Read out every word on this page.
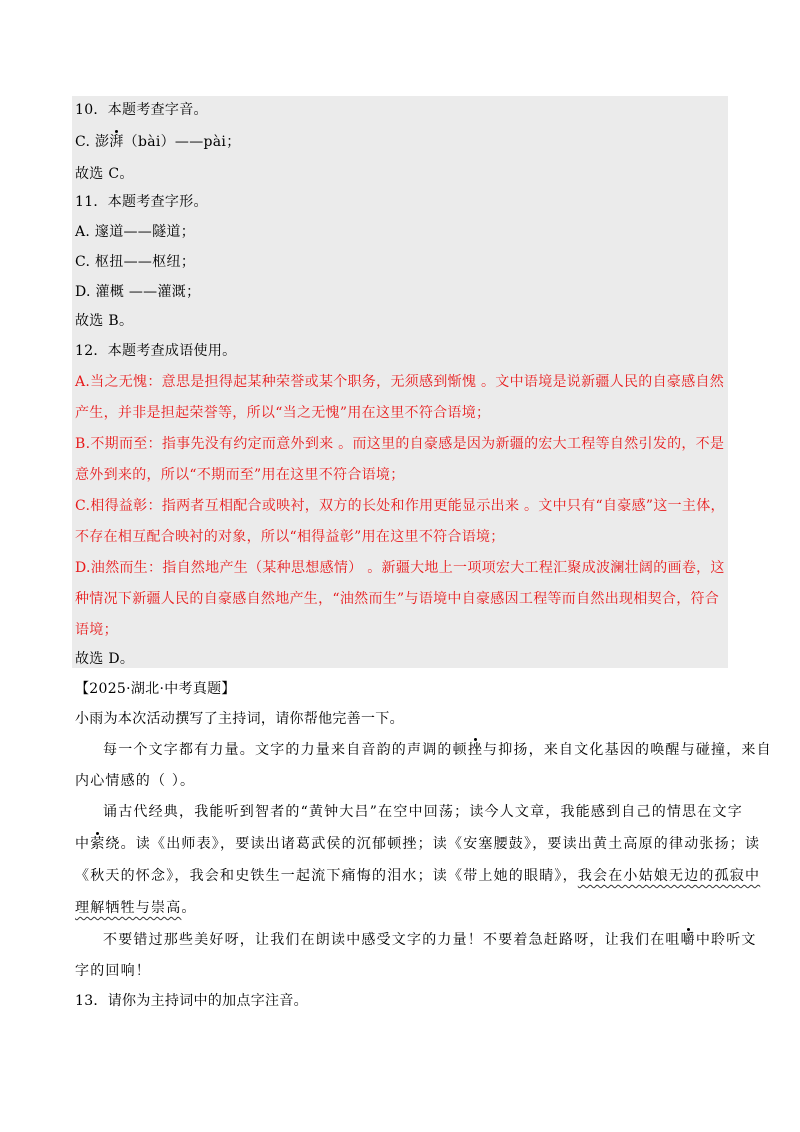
10．本题考查字音。
C. 澎湃（bài）——pài；
故选 C。
11．本题考查字形。
A. 邃道——隧道；
C. 枢扭——枢纽；
D. 灌概 ——灌溉；
故选 B。
12．本题考查成语使用。
A.当之无愧：意思是担得起某种荣誉或某个职务，无须感到惭愧 。文中语境是说新疆人民的自豪感自然
产生，并非是担起荣誉等，所以“当之无愧”用在这里不符合语境；
B.不期而至：指事先没有约定而意外到来 。而这里的自豪感是因为新疆的宏大工程等自然引发的，不是
意外到来的，所以“不期而至”用在这里不符合语境；
C.相得益彰：指两者互相配合或映衬，双方的长处和作用更能显示出来 。文中只有“自豪感”这一主体，
不存在相互配合映衬的对象，所以“相得益彰”用在这里不符合语境；
D.油然而生：指自然地产生（某种思想感情） 。新疆大地上一项项宏大工程汇聚成波澜壮阔的画卷，这
种情况下新疆人民的自豪感自然地产生，“油然而生”与语境中自豪感因工程等而自然出现相契合，符合
语境；
故选 D。
【2025·湖北·中考真题】
小雨为本次活动撰写了主持词，请你帮他完善一下。
每一个文字都有力量。文字的力量来自音韵的声调的顿挫与抑扬，来自文化基因的唤醒与碰撞，来自
内心情感的（ ）。
诵古代经典，我能听到智者的“黄钟大吕”在空中回荡；读今人文章，我能感到自己的情思在文字
中萦绕。读《出师表》，要读出诸葛武侯的沉郁顿挫；读《安塞腰鼓》，要读出黄土高原的律动张扬；读
《秋天的怀念》，我会和史铁生一起流下痛悔的泪水；读《带上她的眼睛》，我会在小姑娘无边的孤寂中
理解牺牲与崇高。
不要错过那些美好呀，让我们在朗读中感受文字的力量！不要着急赶路呀，让我们在咀嚼中聆听文
字的回响！
13．请你为主持词中的加点字注音。
